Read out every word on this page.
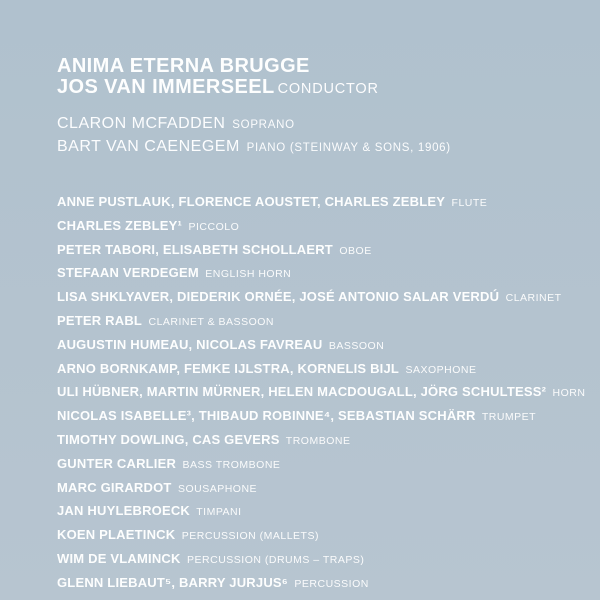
ANIMA ETERNA BRUGGE
JOS VAN IMMERSEEL CONDUCTOR
CLARON MCFADDEN SOPRANO
BART VAN CAENEGEM PIANO (STEINWAY & SONS, 1906)
ANNE PUSTLAUK, FLORENCE AOUSTET, CHARLES ZEBLEY FLUTE
CHARLES ZEBLEY¹ PICCOLO
PETER TABORI, ELISABETH SCHOLLAERT OBOE
STEFAAN VERDEGEM ENGLISH HORN
LISA SHKLYAVER, DIEDERIK ORNÉE, JOSÉ ANTONIO SALAR VERDÚ CLARINET
PETER RABL CLARINET & BASSOON
AUGUSTIN HUMEAU, NICOLAS FAVREAU BASSOON
ARNO BORNKAMP, FEMKE IJLSTRA, KORNELIS BIJL SAXOPHONE
ULI HÜBNER, MARTIN MÜRNER, HELEN MACDOUGALL, JÖRG SCHULTESS² HORN
NICOLAS ISABELLE³, THIBAUD ROBINNE⁴, SEBASTIAN SCHÄRR TRUMPET
TIMOTHY DOWLING, CAS GEVERS TROMBONE
GUNTER CARLIER BASS TROMBONE
MARC GIRARDOT SOUSAPHONE
JAN HUYLEBROECK TIMPANI
KOEN PLAETINCK PERCUSSION (MALLETS)
WIM DE VLAMINCK PERCUSSION (DRUMS – TRAPS)
GLENN LIEBAUT⁵, BARRY JURJUS⁶ PERCUSSION
